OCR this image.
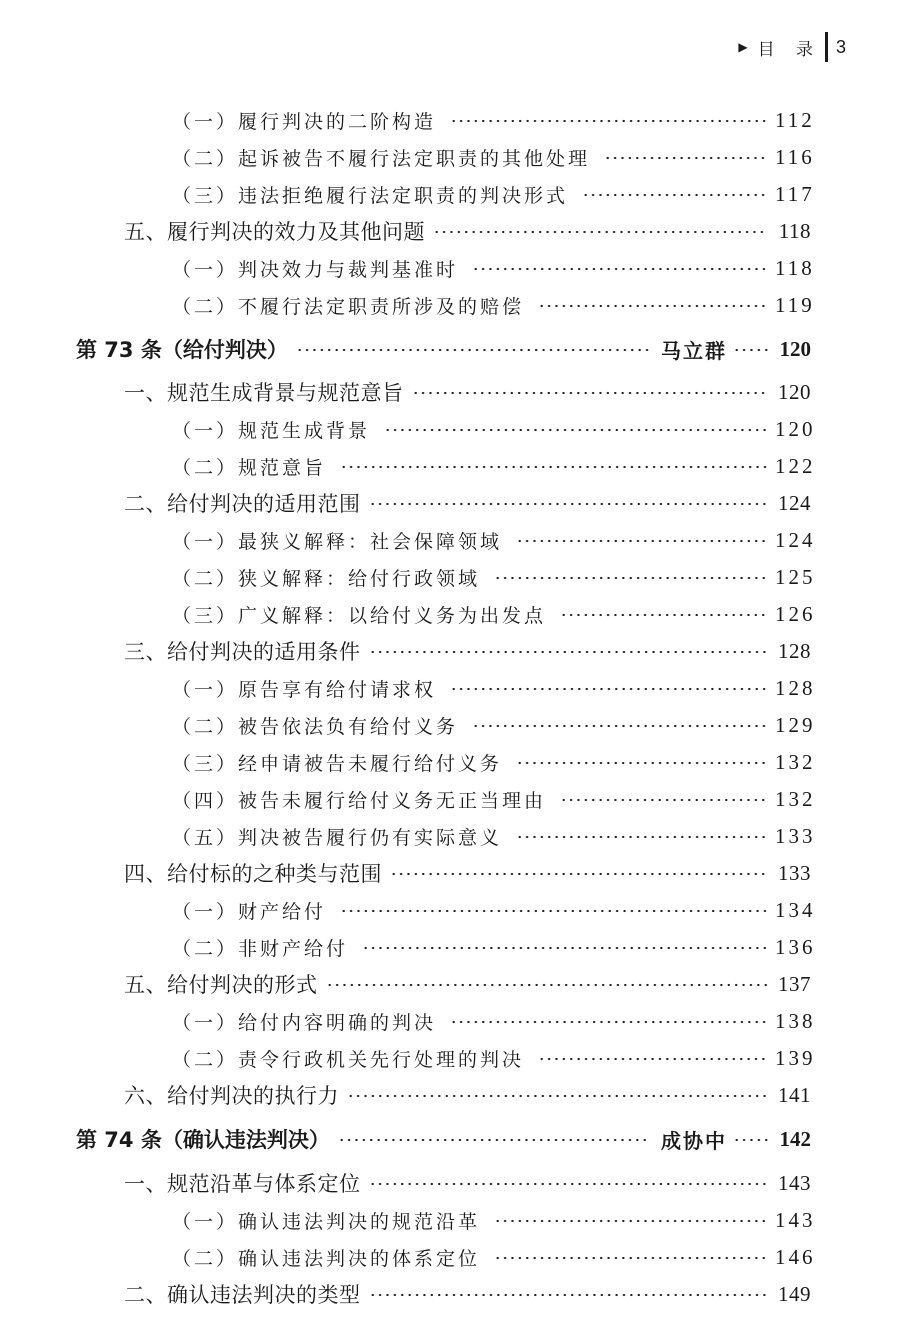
▶ 目 录 3
（一）履行判决的二阶构造	112
（二）起诉被告不履行法定职责的其他处理	116
（三）违法拒绝履行法定职责的判决形式	117
五、履行判决的效力及其他问题	118
（一）判决效力与裁判基准时	118
（二）不履行法定职责所涉及的赔偿	119
第 73 条（给付判决）	马立群	120
一、规范生成背景与规范意旨	120
（一）规范生成背景	120
（二）规范意旨	122
二、给付判决的适用范围	124
（一）最狭义解释：社会保障领域	124
（二）狭义解释：给付行政领域	125
（三）广义解释：以给付义务为出发点	126
三、给付判决的适用条件	128
（一）原告享有给付请求权	128
（二）被告依法负有给付义务	129
（三）经申请被告未履行给付义务	132
（四）被告未履行给付义务无正当理由	132
（五）判决被告履行仍有实际意义	133
四、给付标的之种类与范围	133
（一）财产给付	134
（二）非财产给付	136
五、给付判决的形式	137
（一）给付内容明确的判决	138
（二）责令行政机关先行处理的判决	139
六、给付判决的执行力	141
第 74 条（确认违法判决）	成协中	142
一、规范沿革与体系定位	143
（一）确认违法判决的规范沿革	143
（二）确认违法判决的体系定位	146
二、确认违法判决的类型	149
